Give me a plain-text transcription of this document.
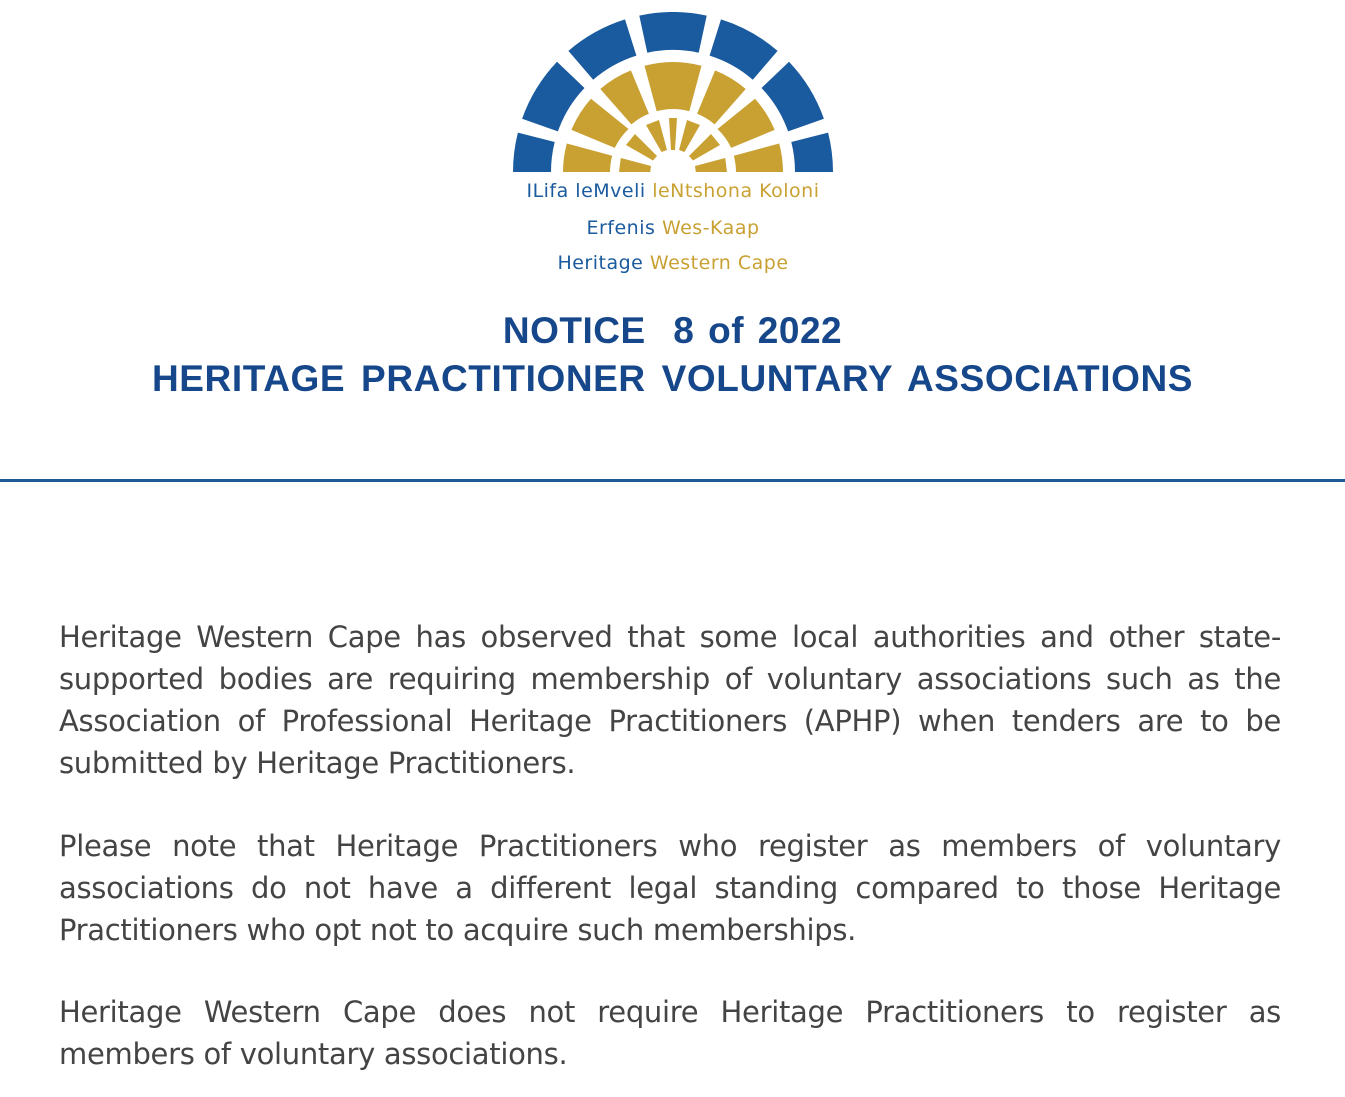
ILifa leMveli leNtshona Koloni
Erfenis Wes-Kaap
Heritage Western Cape
NOTICE  8 of 2022
HERITAGE PRACTITIONER VOLUNTARY ASSOCIATIONS

Heritage Western Cape has observed that some local authorities and other state-supported bodies are requiring membership of voluntary associations such as the Association of Professional Heritage Practitioners (APHP) when tenders are to be submitted by Heritage Practitioners.

Please note that Heritage Practitioners who register as members of voluntary associations do not have a different legal standing compared to those Heritage Practitioners who opt not to acquire such memberships.

Heritage Western Cape does not require Heritage Practitioners to register as members of voluntary associations.
